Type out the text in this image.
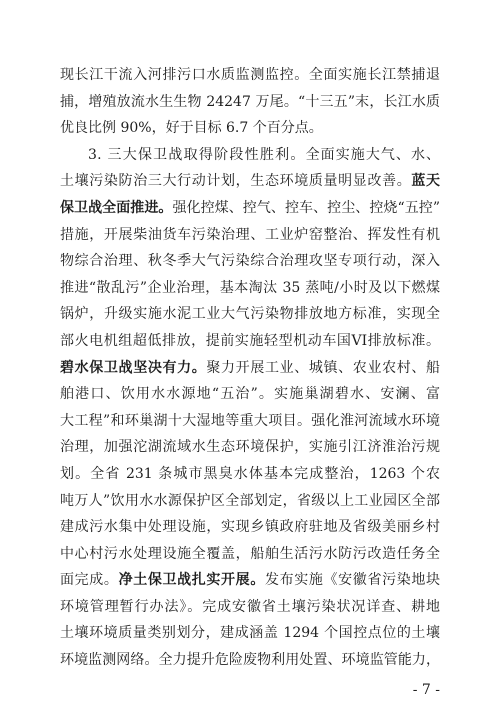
现长江干流入河排污口水质监测监控。全面实施长江禁捕退
捕，增殖放流水生生物 24247 万尾。“十三五”末，长江水质
优良比例 90%，好于目标 6.7 个百分点。
3. 三大保卫战取得阶段性胜利。全面实施大气、水、
土壤污染防治三大行动计划，生态环境质量明显改善。蓝天
保卫战全面推进。强化控煤、控气、控车、控尘、控烧“五控”
措施，开展柴油货车污染治理、工业炉窑整治、挥发性有机
物综合治理、秋冬季大气污染综合治理攻坚专项行动，深入
推进“散乱污”企业治理，基本淘汰 35 蒸吨/小时及以下燃煤
锅炉，升级实施水泥工业大气污染物排放地方标准，实现全
部火电机组超低排放，提前实施轻型机动车国VI排放标准。
碧水保卫战坚决有力。聚力开展工业、城镇、农业农村、船
舶港口、饮用水水源地“五治”。实施巢湖碧水、安澜、富
大工程”和环巢湖十大湿地等重大项目。强化淮河流域水环境
治理，加强沱湖流域水生态环境保护，实施引江济淮治污规
划。全省 231 条城市黑臭水体基本完成整治，1263 个农
吨万人”饮用水水源保护区全部划定，省级以上工业园区全部
建成污水集中处理设施，实现乡镇政府驻地及省级美丽乡村
中心村污水处理设施全覆盖，船舶生活污水防污改造任务全
面完成。净土保卫战扎实开展。发布实施《安徽省污染地块
环境管理暂行办法》。完成安徽省土壤污染状况详查、耕地
土壤环境质量类别划分，建成涵盖 1294 个国控点位的土壤
环境监测网络。全力提升危险废物利用处置、环境监管能力，
- 7 -
